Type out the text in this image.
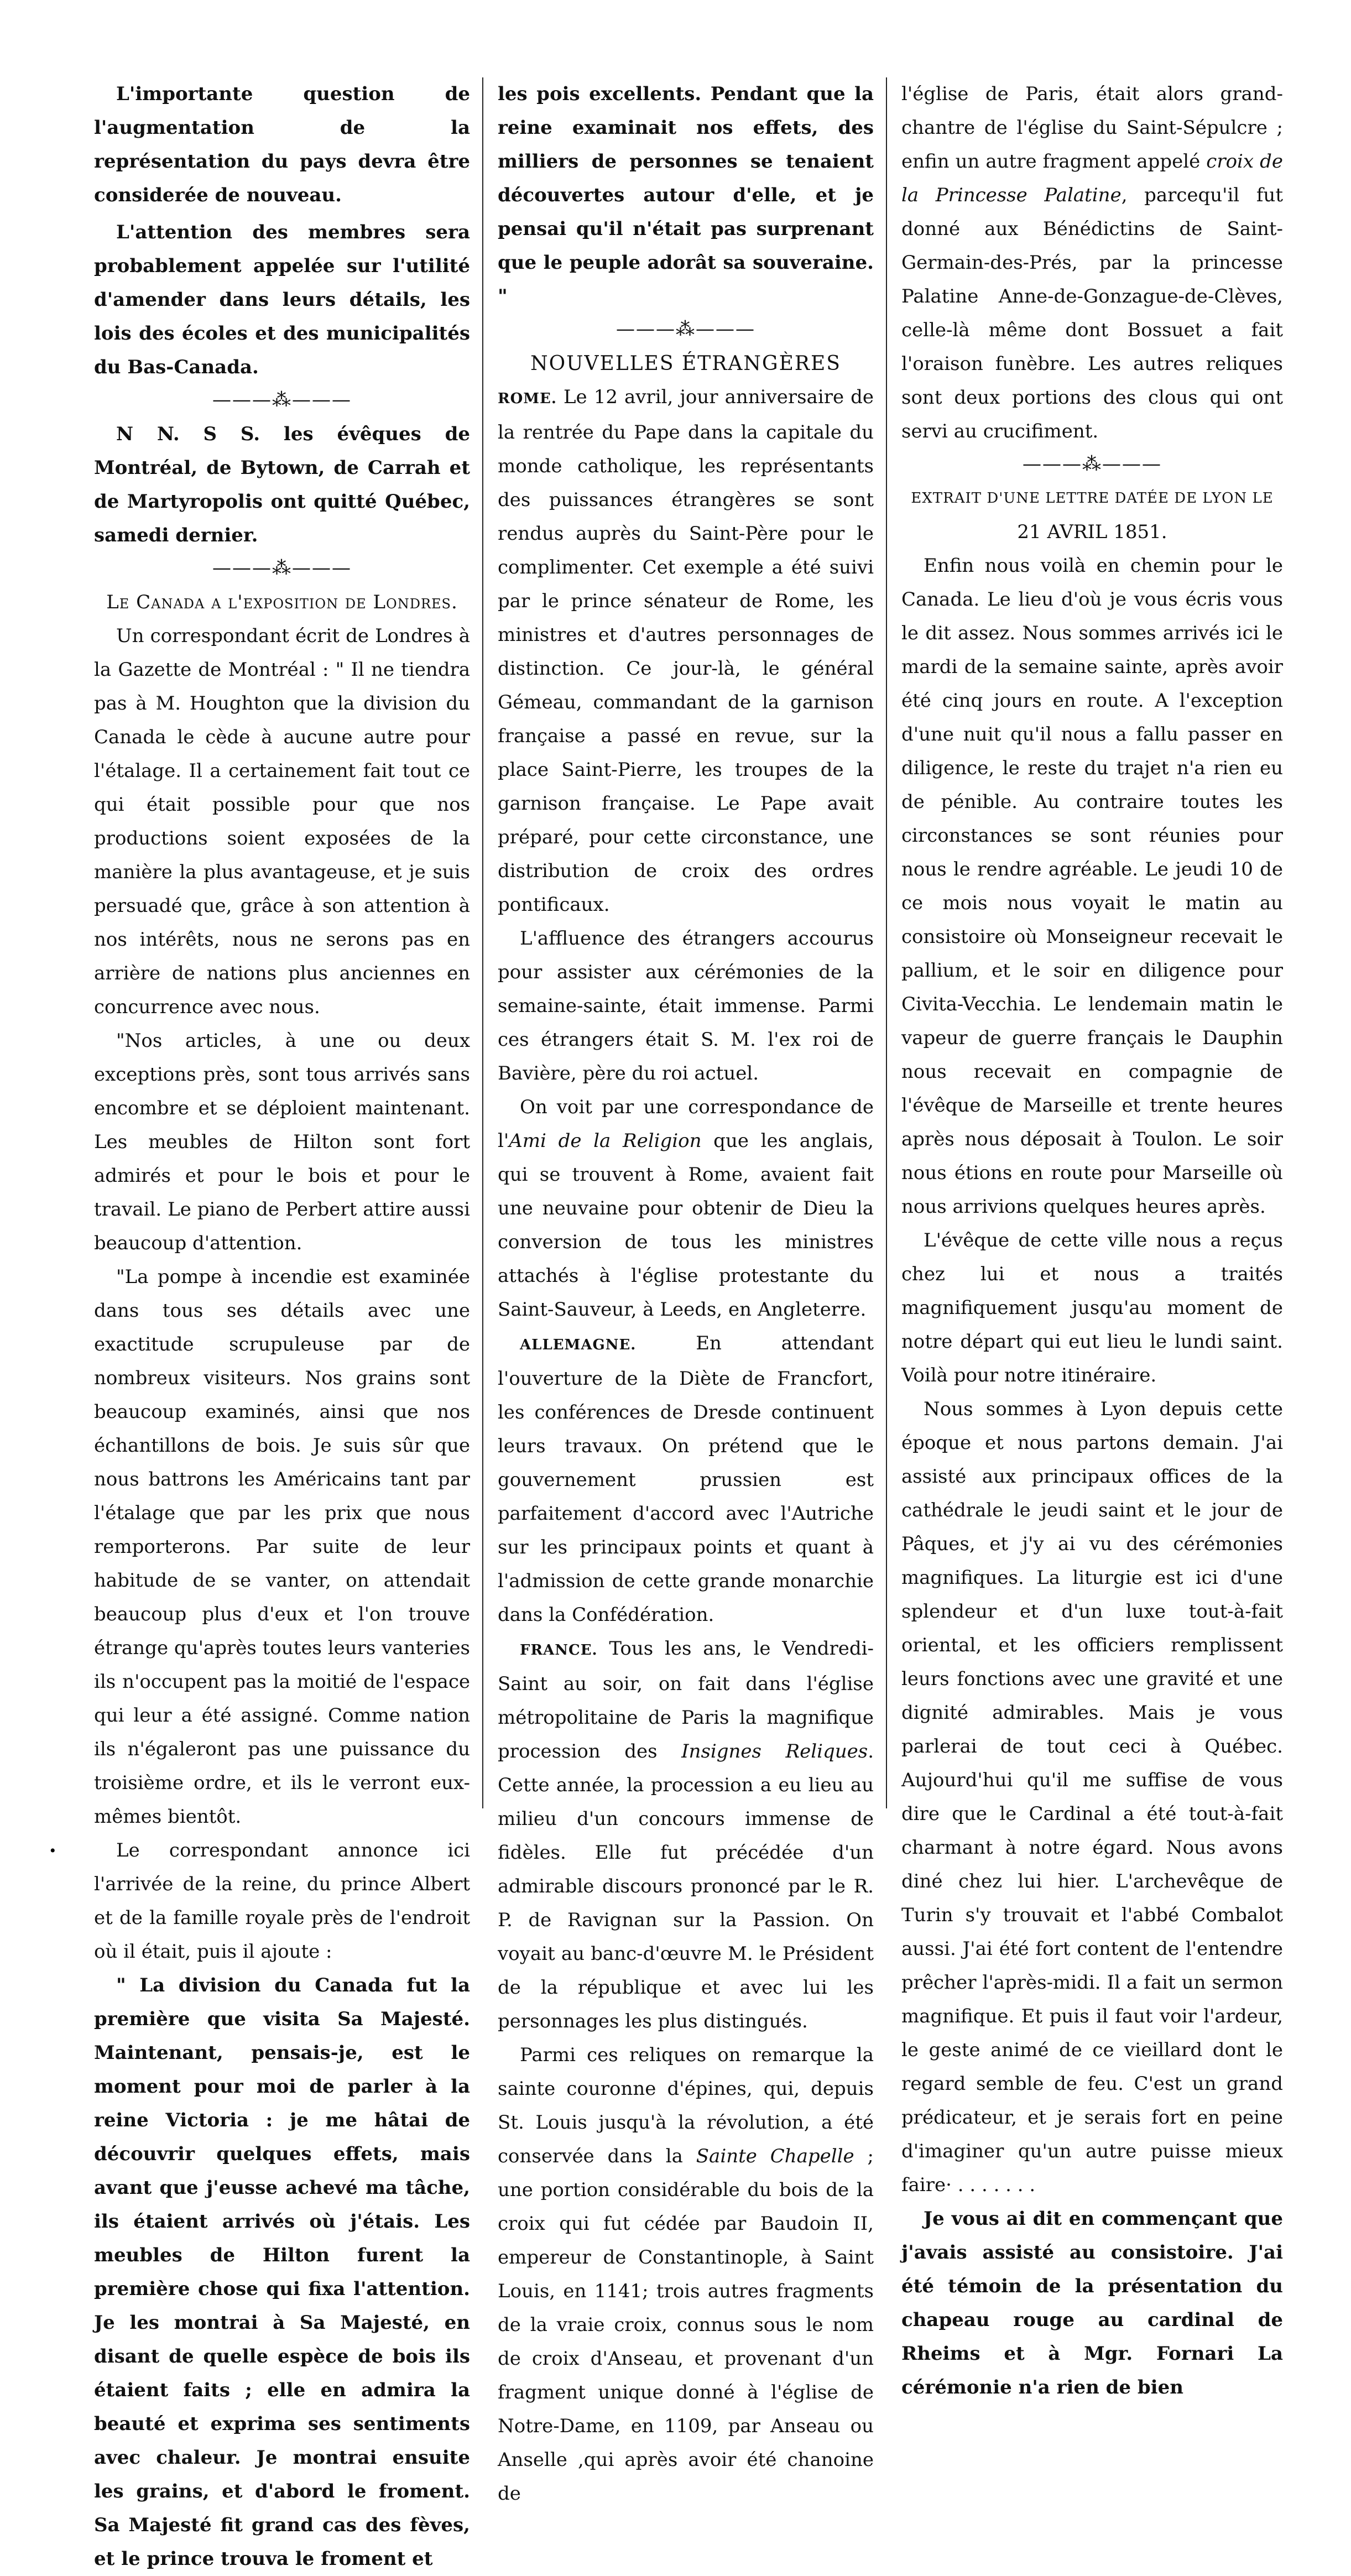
L'importante question de l'augmentation de la représentation du pays devra être considerée de nouveau.

L'attention des membres sera probablement appelée sur l'utilité d'amender dans leurs détails, les lois des écoles et des municipalités du Bas-Canada.

———⁂———

N N. S S. les évêques de Montréal, de Bytown, de Carrah et de Martyropolis ont quitté Québec, samedi dernier.

———⁂———

Le Canada a l'exposition de Londres.

Un correspondant écrit de Londres à la Gazette de Montréal : " Il ne tiendra pas à M. Houghton que la division du Canada le cède à aucune autre pour l'étalage. Il a certainement fait tout ce qui était possible pour que nos productions soient exposées de la manière la plus avantageuse, et je suis persuadé que, grâce à son attention à nos intérêts, nous ne serons pas en arrière de nations plus anciennes en concurrence avec nous.

"Nos articles, à une ou deux exceptions près, sont tous arrivés sans encombre et se déploient maintenant. Les meubles de Hilton sont fort admirés et pour le bois et pour le travail. Le piano de Perbert attire aussi beaucoup d'attention.

"La pompe à incendie est examinée dans tous ses détails avec une exactitude scrupuleuse par de nombreux visiteurs. Nos grains sont beaucoup examinés, ainsi que nos échantillons de bois. Je suis sûr que nous battrons les Américains tant par l'étalage que par les prix que nous remporterons. Par suite de leur habitude de se vanter, on attendait beaucoup plus d'eux et l'on trouve étrange qu'après toutes leurs vanteries ils n'occupent pas la moitié de l'espace qui leur a été assigné. Comme nation ils n'égaleront pas une puissance du troisième ordre, et ils le verront eux-mêmes bientôt.

Le correspondant annonce ici l'arrivée de la reine, du prince Albert et de la famille royale près de l'endroit où il était, puis il ajoute :

" La division du Canada fut la première que visita Sa Majesté. Maintenant, pensais-je, est le moment pour moi de parler à la reine Victoria : je me hâtai de découvrir quelques effets, mais avant que j'eusse achevé ma tâche, ils étaient arrivés où j'étais. Les meubles de Hilton furent la première chose qui fixa l'attention. Je les montrai à Sa Majesté, en disant de quelle espèce de bois ils étaient faits ; elle en admira la beauté et exprima ses sentiments avec chaleur. Je montrai ensuite les grains, et d'abord le froment. Sa Majesté fit grand cas des fèves, et le prince trouva le froment et

les pois excellents. Pendant que la reine examinait nos effets, des milliers de personnes se tenaient découvertes autour d'elle, et je pensai qu'il n'était pas surprenant que le peuple adorât sa souveraine. "

———⁂———

NOUVELLES ÉTRANGÈRES

ROME. Le 12 avril, jour anniversaire de la rentrée du Pape dans la capitale du monde catholique, les représentants des puissances étrangères se sont rendus auprès du Saint-Père pour le complimenter. Cet exemple a été suivi par le prince sénateur de Rome, les ministres et d'autres personnages de distinction. Ce jour-là, le général Gémeau, commandant de la garnison française a passé en revue, sur la place Saint-Pierre, les troupes de la garnison française. Le Pape avait préparé, pour cette circonstance, une distribution de croix des ordres pontificaux.

L'affluence des étrangers accourus pour assister aux cérémonies de la semaine-sainte, était immense. Parmi ces étrangers était S. M. l'ex roi de Bavière, père du roi actuel.

On voit par une correspondance de l'Ami de la Religion que les anglais, qui se trouvent à Rome, avaient fait une neuvaine pour obtenir de Dieu la conversion de tous les ministres attachés à l'église protestante du Saint-Sauveur, à Leeds, en Angleterre.

ALLEMAGNE.	En attendant l'ouverture de la Diète de Francfort, les conférences de Dresde continuent leurs travaux. On prétend que le gouvernement prussien est parfaitement d'accord avec l'Autriche sur les principaux points et quant à l'admission de cette grande monarchie dans la Confédération.

FRANCE. Tous les ans, le Vendredi-Saint au soir, on fait dans l'église métropolitaine de Paris la magnifique procession des Insignes Reliques. Cette année, la procession a eu lieu au milieu d'un concours immense de fidèles. Elle fut précédée d'un admirable discours prononcé par le R. P. de Ravignan sur la Passion. On voyait au banc-d'œuvre M. le Président de la république et avec lui les personnages les plus distingués.

Parmi ces reliques on remarque la sainte couronne d'épines, qui, depuis St. Louis jusqu'à la révolution, a été conservée dans la Sainte Chapelle ; une portion considérable du bois de la croix qui fut cédée par Baudoin II, empereur de Constantinople, à Saint Louis, en 1141; trois autres fragments de la vraie croix, connus sous le nom de croix d'Anseau, et provenant d'un fragment unique donné à l'église de Notre-Dame, en 1109, par Anseau ou Anselle ,qui après avoir été chanoine de

l'église de Paris, était alors grand-chantre de l'église du Saint-Sépulcre ; enfin un autre fragment appelé croix de la Princesse Palatine, parcequ'il fut donné aux Bénédictins de Saint-Germain-des-Prés, par la princesse Palatine Anne-de-Gonzague-de-Clèves, celle-là même dont Bossuet a fait l'oraison funèbre. Les autres reliques sont deux portions des clous qui ont servi au crucifiment.

———⁂———

EXTRAIT D'UNE LETTRE DATÉE DE LYON LE

21 AVRIL 1851.

Enfin nous voilà en chemin pour le Canada. Le lieu d'où je vous écris vous le dit assez. Nous sommes arrivés ici le mardi de la semaine sainte, après avoir été cinq jours en route. A l'exception d'une nuit qu'il nous a fallu passer en diligence, le reste du trajet n'a rien eu de pénible. Au contraire toutes les circonstances se sont réunies pour nous le rendre agréable. Le jeudi 10 de ce mois nous voyait le matin au consistoire où Monseigneur recevait le pallium, et le soir en diligence pour Civita-Vecchia. Le lendemain matin le vapeur de guerre français le Dauphin nous recevait en compagnie de l'évêque de Marseille et trente heures après nous déposait à Toulon. Le soir nous étions en route pour Marseille où nous arrivions quelques heures après.

L'évêque de cette ville nous a reçus chez lui et nous a traités magnifiquement jusqu'au moment de notre départ qui eut lieu le lundi saint. Voilà pour notre itinéraire.

Nous sommes à Lyon depuis cette époque et nous partons demain. J'ai assisté aux principaux offices de la cathédrale le jeudi saint et le jour de Pâques, et j'y ai vu des cérémonies magnifiques. La liturgie est ici d'une splendeur et d'un luxe tout-à-fait oriental, et les officiers remplissent leurs fonctions avec une gravité et une dignité admirables. Mais je vous parlerai de tout ceci à Québec. Aujourd'hui qu'il me suffise de vous dire que le Cardinal a été tout-à-fait charmant à notre égard. Nous avons diné chez lui hier. L'archevêque de Turin s'y trouvait et l'abbé Combalot aussi. J'ai été fort content de l'entendre prêcher l'après-midi. Il a fait un sermon magnifique. Et puis il faut voir l'ardeur, le geste animé de ce vieillard dont le regard semble de feu. C'est un grand prédicateur, et je serais fort en peine d'imaginer qu'un autre puisse mieux faire· . . . . . . .

Je vous ai dit en commençant que j'avais assisté au consistoire. J'ai été témoin de la présentation du chapeau rouge au cardinal de Rheims et à Mgr. Fornari La cérémonie n'a rien de bien

•
